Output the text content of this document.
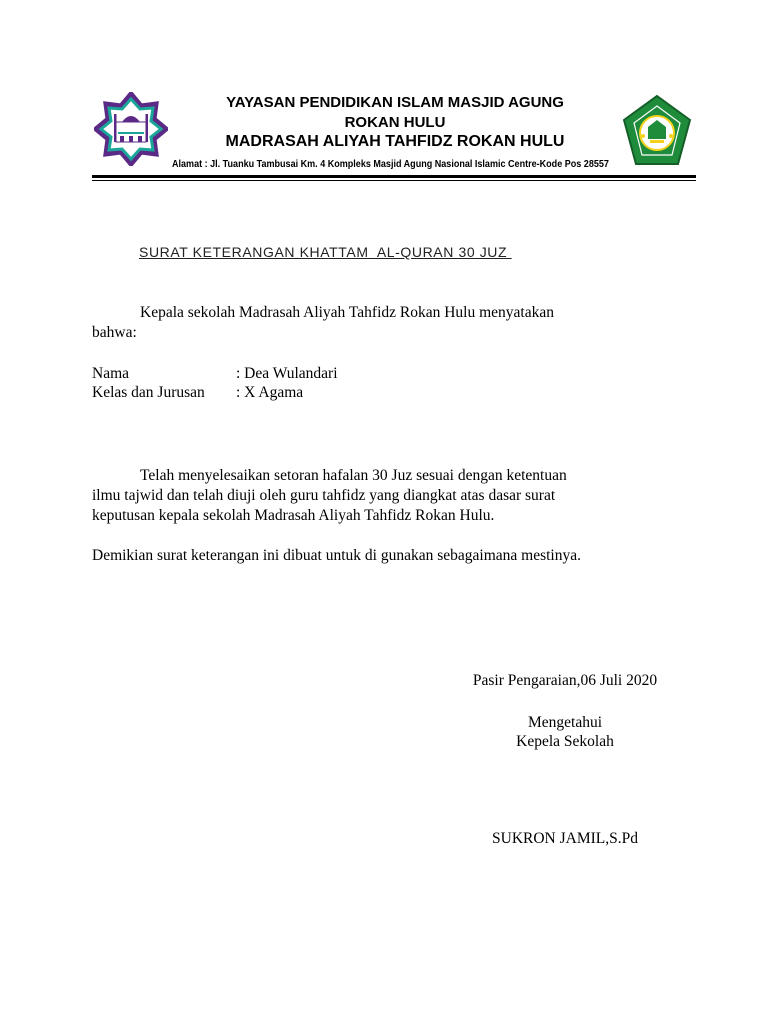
YAYASAN PENDIDIKAN ISLAM MASJID AGUNG
ROKAN HULU
MADRASAH ALIYAH TAHFIDZ ROKAN HULU
Alamat : Jl. Tuanku Tambusai Km. 4 Kompleks Masjid Agung Nasional Islamic Centre-Kode Pos 28557
SURAT KETERANGAN KHATTAM  AL-QURAN 30 JUZ
Kepala sekolah Madrasah Aliyah Tahfidz Rokan Hulu menyatakan
bahwa:
Nama	: Dea Wulandari
Kelas dan Jurusan : X Agama
Telah menyelesaikan setoran hafalan 30 Juz sesuai dengan ketentuan
ilmu tajwid dan telah diuji oleh guru tahfidz yang diangkat atas dasar surat
keputusan kepala sekolah Madrasah Aliyah Tahfidz Rokan Hulu.
Demikian surat keterangan ini dibuat untuk di gunakan sebagaimana mestinya.
Pasir Pengaraian,06 Juli 2020
Mengetahui
Kepela Sekolah
SUKRON JAMIL,S.Pd
